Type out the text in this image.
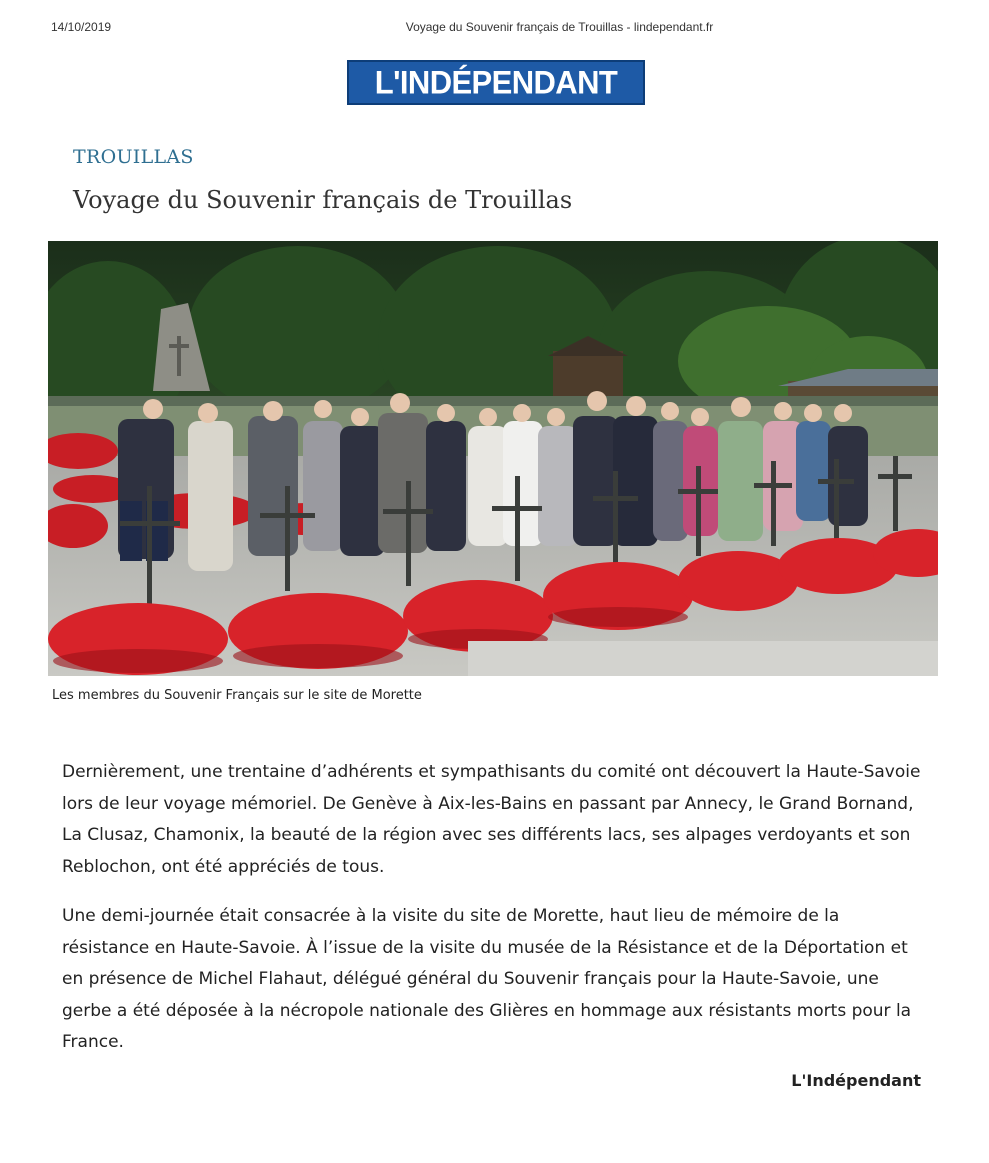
14/10/2019	Voyage du Souvenir français de Trouillas - lindependant.fr
L'INDÉPENDANT
TROUILLAS
Voyage du Souvenir français de Trouillas
Les membres du Souvenir Français sur le site de Morette

Dernièrement, une trentaine d’adhérents et sympathisants du comité ont découvert la Haute-Savoie lors de leur voyage mémoriel. De Genève à Aix-les-Bains en passant par Annecy, le Grand Bornand, La Clusaz, Chamonix, la beauté de la région avec ses différents lacs, ses alpages verdoyants et son Reblochon, ont été appréciés de tous.

Une demi-journée était consacrée à la visite du site de Morette, haut lieu de mémoire de la résistance en Haute-Savoie. À l’issue de la visite du musée de la Résistance et de la Déportation et en présence de Michel Flahaut, délégué général du Souvenir français pour la Haute-Savoie, une gerbe a été déposée à la nécropole nationale des Glières en hommage aux résistants morts pour la France.

L'Indépendant
